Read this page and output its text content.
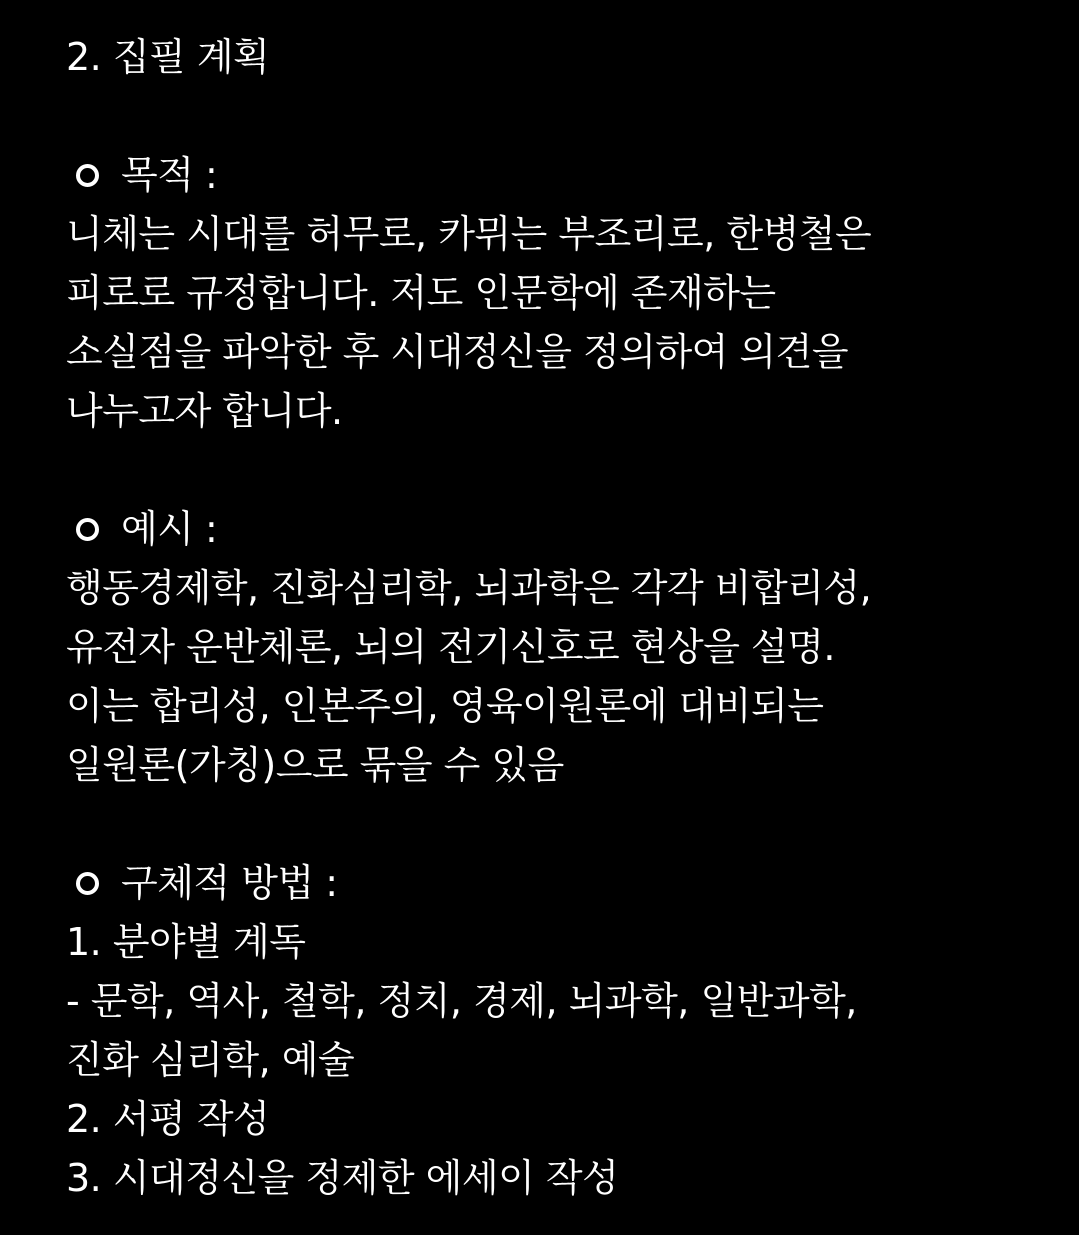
2. 집필 계획
목적 :
니체는 시대를 허무로, 카뮈는 부조리로, 한병철은
피로로 규정합니다. 저도 인문학에 존재하는
소실점을 파악한 후 시대정신을 정의하여 의견을
나누고자 합니다.
예시 :
행동경제학, 진화심리학, 뇌과학은 각각 비합리성,
유전자 운반체론, 뇌의 전기신호로 현상을 설명.
이는 합리성, 인본주의, 영육이원론에 대비되는
일원론(가칭)으로 묶을 수 있음
구체적 방법 :
1. 분야별 계독
- 문학, 역사, 철학, 정치, 경제, 뇌과학, 일반과학,
진화 심리학, 예술
2. 서평 작성
3. 시대정신을 정제한 에세이 작성
